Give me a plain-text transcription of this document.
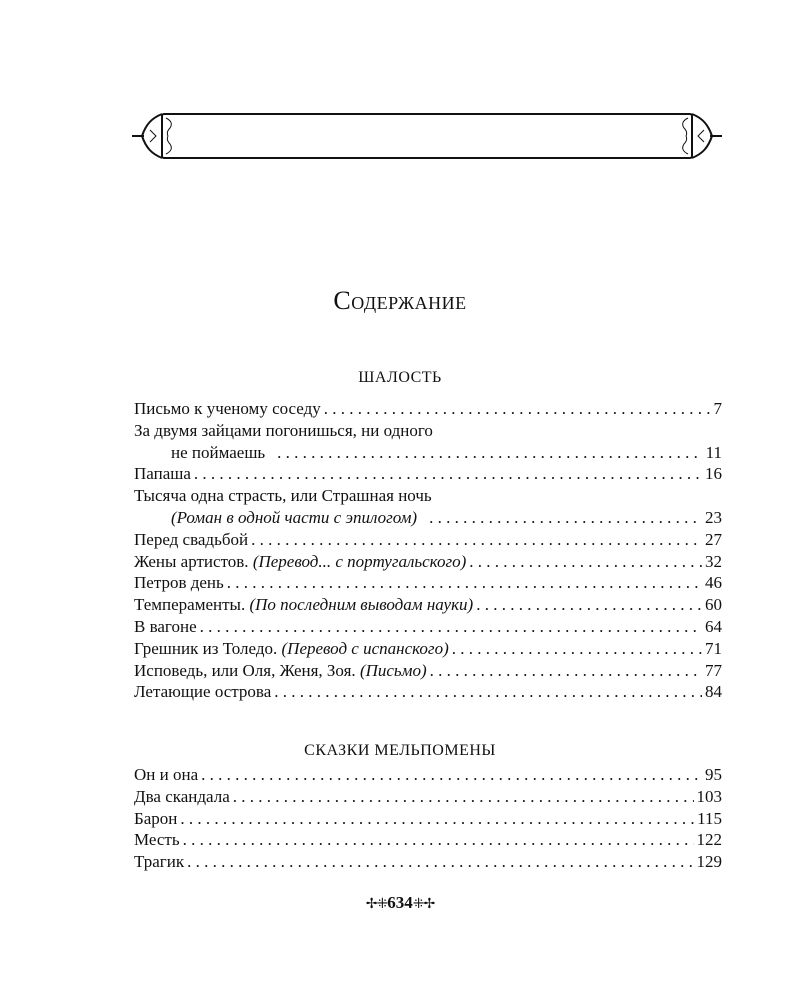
Содержание
ШАЛОСТЬ
Письмо к ученому соседу . . .	7
За двумя зайцами погонишься, ни одного
не поймаешь . . .	11
Папаша . . .	16
Тысяча одна страсть, или Страшная ночь
(Роман в одной части с эпилогом) . . .	23
Перед свадьбой . . .	27
Жены артистов. (Перевод... с португальского) . . .	32
Петров день . . .	46
Темпераменты. (По последним выводам науки) . . .	60
В вагоне . . .	64
Грешник из Толедо. (Перевод с испанского) . . .	71
Исповедь, или Оля, Женя, Зоя. (Письмо) . . .	77
Летающие острова . . .	84
СКАЗКИ МЕЛЬПОМЕНЫ
Он и она . . .	95
Два скандала . . .	103
Барон . . .	115
Месть . . .	122
Трагик . . .	129
✢⁜634⁜✢
